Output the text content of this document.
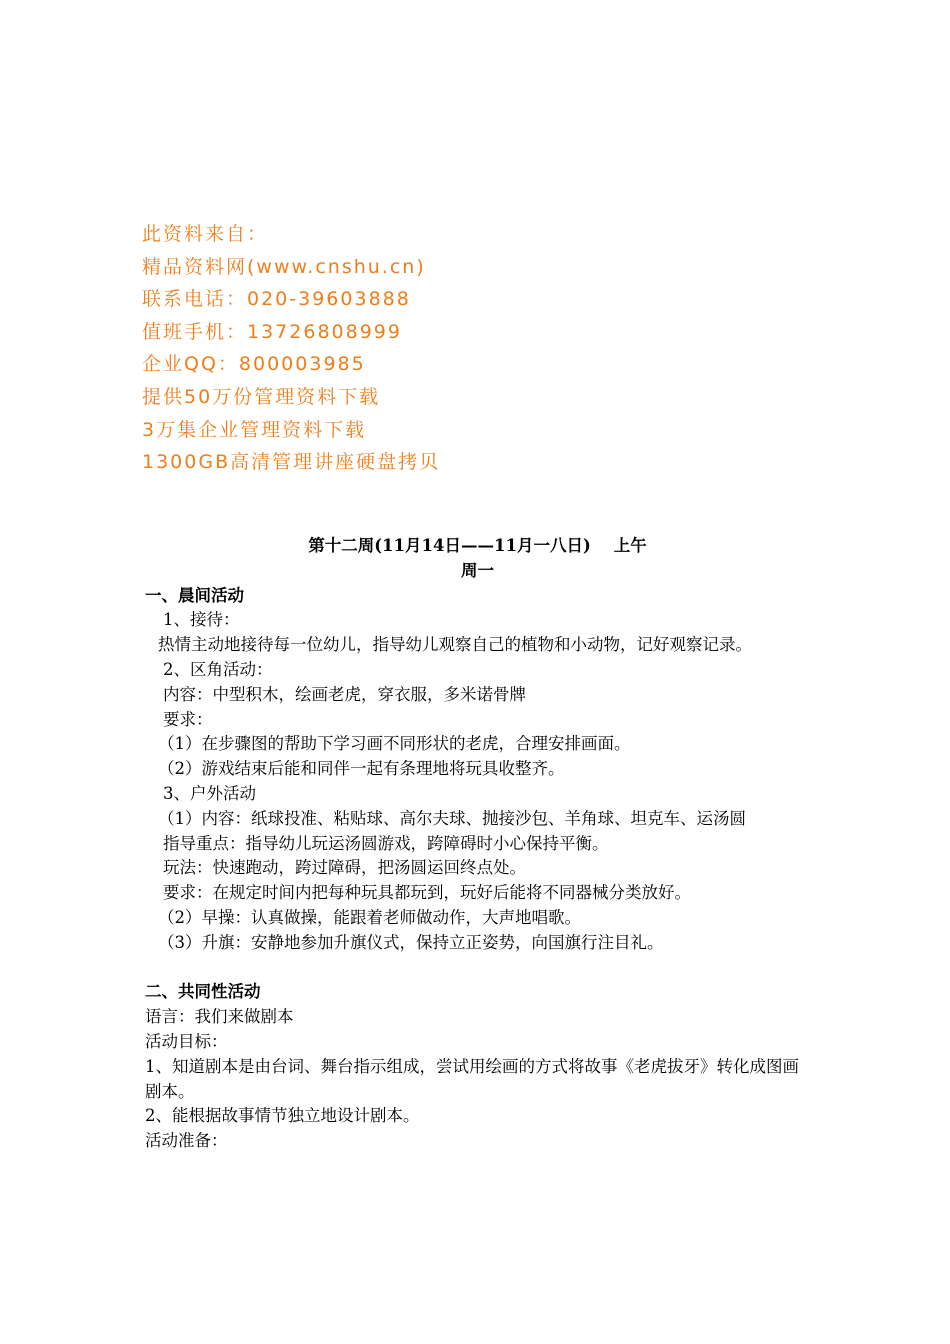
此资料来自：
精品资料网(www.cnshu.cn)
联系电话：020-39603888
值班手机：13726808999
企业QQ：800003985
提供50万份管理资料下载
3万集企业管理资料下载
1300GB高清管理讲座硬盘拷贝
第十二周(11月14日——11月一八日)    上午
周一
一、晨间活动
1、接待：
热情主动地接待每一位幼儿，指导幼儿观察自己的植物和小动物，记好观察记录。
2、区角活动：
内容：中型积木，绘画老虎，穿衣服，多米诺骨牌
要求：
（1）在步骤图的帮助下学习画不同形状的老虎，合理安排画面。
（2）游戏结束后能和同伴一起有条理地将玩具收整齐。
3、户外活动
（1）内容：纸球投准、粘贴球、高尔夫球、抛接沙包、羊角球、坦克车、运汤圆
指导重点：指导幼儿玩运汤圆游戏，跨障碍时小心保持平衡。
玩法：快速跑动，跨过障碍，把汤圆运回终点处。
要求：在规定时间内把每种玩具都玩到，玩好后能将不同器械分类放好。
（2）早操：认真做操，能跟着老师做动作，大声地唱歌。
（3）升旗：安静地参加升旗仪式，保持立正姿势，向国旗行注目礼。
二、共同性活动
语言：我们来做剧本
活动目标：
1、知道剧本是由台词、舞台指示组成，尝试用绘画的方式将故事《老虎拔牙》转化成图画剧本。
2、能根据故事情节独立地设计剧本。
活动准备：
